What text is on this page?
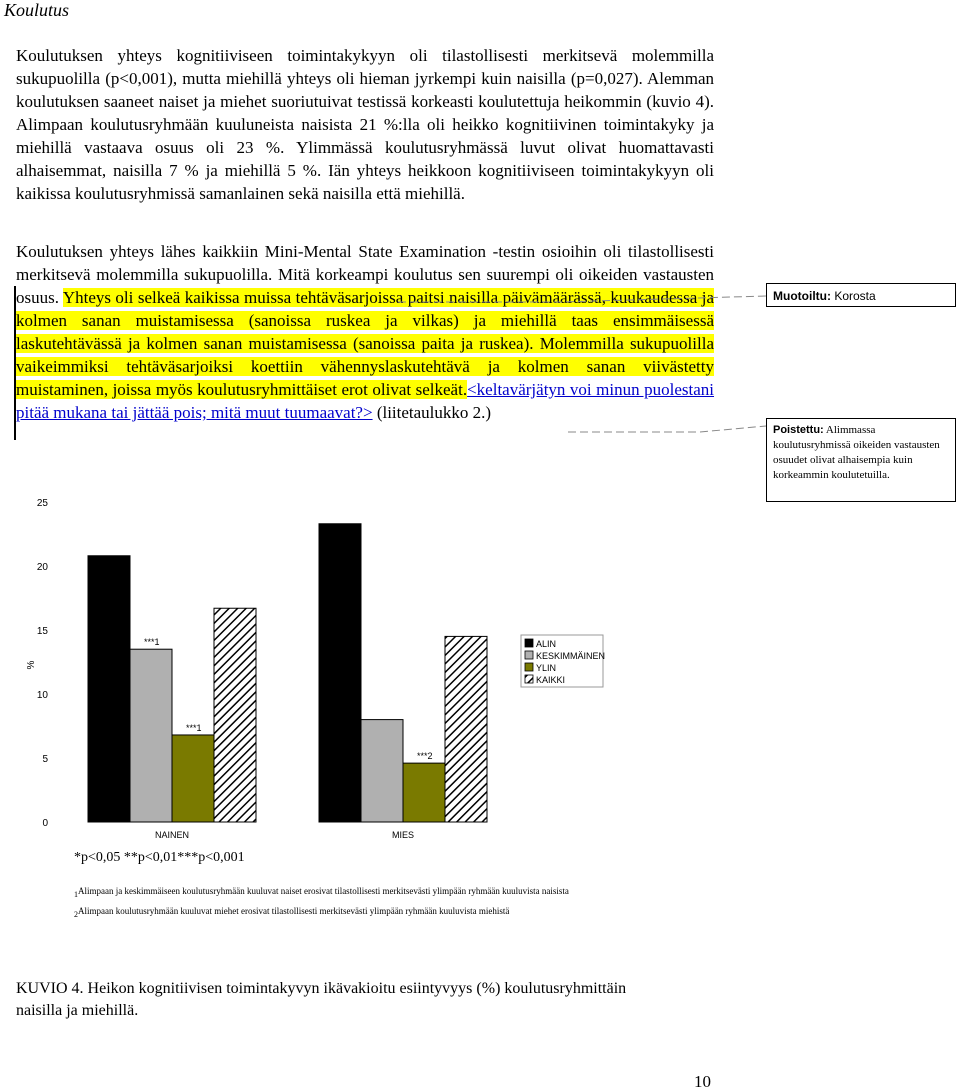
Koulutus
Koulutuksen yhteys kognitiiviseen toimintakykyyn oli tilastollisesti merkitsevä molemmilla sukupuolilla (p<0,001), mutta miehillä yhteys oli hieman jyrkempi kuin naisilla (p=0,027). Alemman koulutuksen saaneet naiset ja miehet suoriutuivat testissä korkeasti koulutettuja heikommin (kuvio 4). Alimpaan koulutusryhmään kuuluneista naisista 21 %:lla oli heikko kognitiivinen toimintakyky ja miehillä vastaava osuus oli 23 %. Ylimmässä koulutusryhmässä luvut olivat huomattavasti alhaisemmat, naisilla 7 % ja miehillä 5 %. Iän yhteys heikkoon kognitiiviseen toimintakykyyn oli kaikissa koulutusryhmissä samanlainen sekä naisilla että miehillä.
Koulutuksen yhteys lähes kaikkiin Mini-Mental State Examination -testin osioihin oli tilastollisesti merkitsevä molemmilla sukupuolilla. Mitä korkeampi koulutus sen suurempi oli oikeiden vastausten osuus. Yhteys oli selkeä kaikissa muissa tehtäväsarjoissa paitsi naisilla päivämäärässä, kuukaudessa ja kolmen sanan muistamisessa (sanoissa ruskea ja vilkas) ja miehillä taas ensimmäisessä laskutehtävässä ja kolmen sanan muistamisessa (sanoissa paita ja ruskea). Molemmilla sukupuolilla vaikeimmiksi tehtäväsarjoiksi koettiin vähennyslaskutehtävä ja kolmen sanan viivästetty muistaminen, joissa myös koulutusryhmittäiset erot olivat selkeät.<keltavärjätyn voi minun puolestani pitää mukana tai jättää pois; mitä muut tuumaavat?> (liitetaulukko 2.)
Muotoiltu: Korosta
Poistettu: Alimmassa koulutusryhmissä oikeiden vastausten osuudet olivat alhaisempia kuin korkeammin koulutetuilla.
0
5
10
15
20
25
%
***1
***1
***2
NAINEN	MIES
ALIN
KESKIMMÄINEN
YLIN
KAIKKI
*p<0,05 **p<0,01***p<0,001
$_1$Alimpaan ja keskimmäiseen koulutusryhmään kuuluvat naiset erosivat tilastollisesti merkitsevästi ylimpään ryhmään kuuluvista naisista
$_2$Alimpaan koulutusryhmään kuuluvat miehet erosivat tilastollisesti merkitsevästi ylimpään ryhmään kuuluvista miehistä
KUVIO 4. Heikon kognitiivisen toimintakyvyn ikävakioitu esiintyvyys (%) koulutusryhmittäin naisilla ja miehillä.
10
